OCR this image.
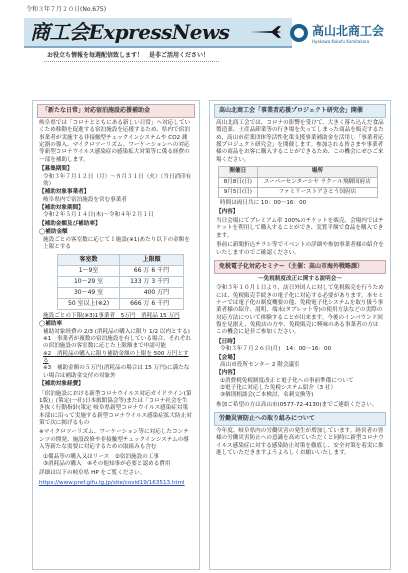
令和３年７月２０日(No.675)
商工会ExpressNews	高山北商工会
Hyakawa Kokufu Kamitakara
お役立ち情報を毎週配信致します！　是非ご活用ください！
「新たな日常」対応宿泊施設応援補助金
岐阜県では「コロナとともにある新しい日常」へ対応していくため移動を促進する宿泊施設を応援するため、県内で宿泊事業者が実施する非接触型チェックインシステムや CO2 測定器の導入、マイクロツーリズム、ワーケーションへの対応等新型コロナウイルス感染症の感染拡大対策等に係る経費の一部を補助します。
【募集期間】
令和３年７月１２日（月）〜８月３１日（火）（当日消印有効）
【補助対象事業者】
岐阜県内で宿泊施設を営む事業者
【補助対象期間】
令和２年５月１４日(木)〜令和４年２月１日
【補助金額及び補助率】
◯補助金額
施設ごとの客室数に応じて１施設(※1)あたり以下の金額を上限とする
客室数	上限額
1〜9室	66 万 6 千円
10〜29 室	133 万 3 千円
30〜49 室	400 万円
50 室以上(※2)	666 万 6 千円
施設ごとの下限(※3)1事業者　5万円　消耗品 15 万円
◯補助率
補助対象経費の 2/3 (消耗品の購入に限り 1/2 以内とする)
※1　事業者が複数の宿泊施設を有している場合、それぞれの宿泊施設の客室数に応じた上限額まで申請可能
※2　消耗品の購入に限り補助金額の上限を 500 万円とする
※3　補助金額の５万円(消耗品の場合は 15 万円)に満たない場合は補助金交付の対象外
【補助対象経費】
「宿泊施設における新型コロナウイルス対応ガイドライン(第1版)」(策定(一社)日本旅館協会等)または「コロナ社会を生き抜く行動指針(策定 岐阜県新型コロナウイルス感染症対策本部)に沿って実施する新型コロナウイルス感染症拡大防止対策で次に掲げるもの
※マイクロツーリズム、ワーケーション等に対応したコンテンツの開発、施設改修や非接触型チェックインシステムの導入等新たな需要に対応するための取組みも含む
①備品等の購入又はリース　②宿泊施設の工事
③消耗品の購入　④その他知事が必要と認める費用
詳細は以下の岐阜県 HP をご覧ください。
https://www.pref.gifu.lg.jp/site/covid19/163513.html
高山北商工会「事業者応援プロジェクト研究会」開催
高山北商工会では、コロナの影響を受けて、大きく落ち込んだ食品製造業、土産品卸業等の行き場を失ってしまった商品を販売するため、高山市産業団体等活性化策支援事業補助金を活用し「事業者応援プロジェクト研究会」を開催します。参加される皆さまや事業者様の商品をお客に購入することができるため、この機会にぜひご来場ください。
開催日	場所
8月8日(日)	スーパーセンターシヤ ラクール飛騨国府店
9月5日(日)	ファミリーストアさとう国府店
時間は両日共に 10：00〜16：00
【内容】
当日会場にてプレミアム率 100%のチケットを販売、会場内ではチケットを利用して購入することができ、実質半額で食品を購入できます。
事前に新聞折込チラシ等でイベントの詳細や参加事業者様の紹介をいたしますのでご確認ください。
免税電子化対応セミナー（主催：高山市海外戦略課）
〜免税制度改正に関する説明会〜
令和３年１０月１日より、訪日外国人に対して免税販売を行うためには、免税販売手続きの電子化に対応する必要があります。本セミナーでは電子化の制度概要の他、免税電子化システムを取り扱う事業者様の紹介、説明、端末(タブレット等)の使用方法などの実際の対応方法について体験することが出来ます。今後のインバウンド回復を見据え、免税店の方や、免税販売に興味のある事業者の方はこの機会に是非ご参加ください。
【日時】
令和３年７月２６日(月)　14：00〜16：00
【会場】
高山市役所センター 2 階会議室
【内容】
①消費税免税制度改正と電子化への事前準備について
②電子化に対応した免税システム紹介（3 社）
③個別相談会(ご本検討、名刺交換等)
参加ご希望の方は高山市(0577-72-4130)までご連絡ください。
労働災害防止への取り組みについて
今年度、岐阜県内の労働災害の発生が増加しています。経営者の皆様の労働災害防止への意識を高めていただくと同時に新型コロナウイルス感染症に対する感染防止対策を徹底し、安全対策を着実に推進していただきますようよろしくお願いいたします。
